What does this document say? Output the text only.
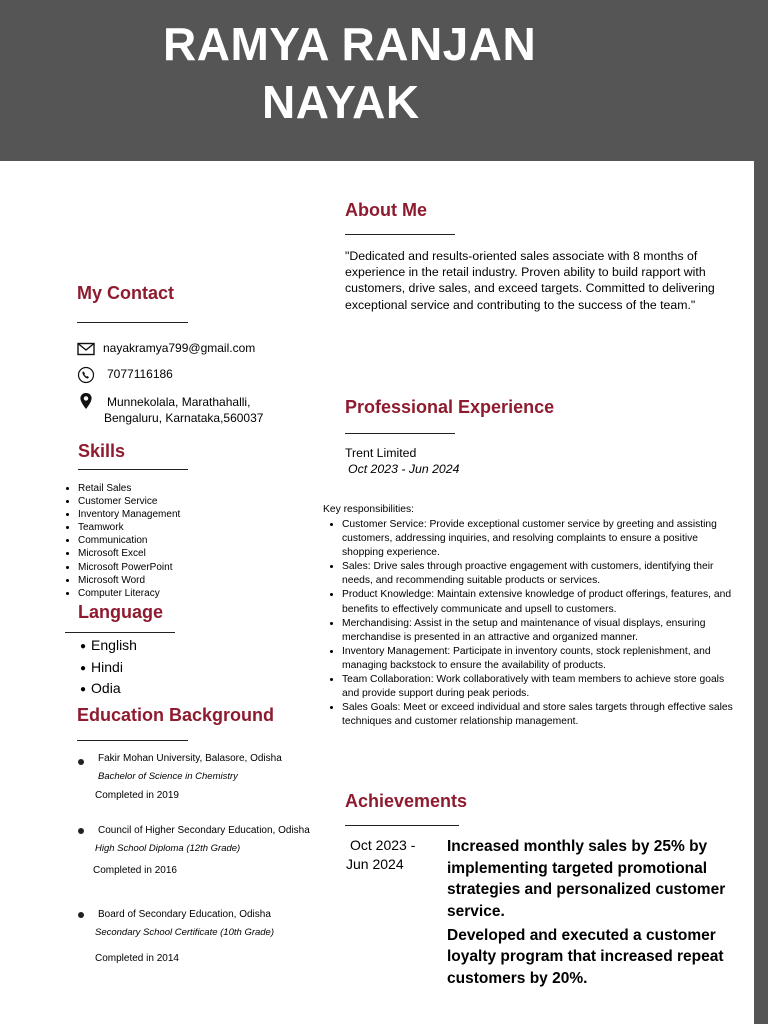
RAMYA RANJAN
NAYAK
My Contact
nayakramya799@gmail.com
7077116186
Munnekolala, Marathahalli,
Bengaluru, Karnataka,560037
Skills
• Retail Sales
• Customer Service
• Inventory Management
• Teamwork
• Communication
• Microsoft Excel
• Microsoft PowerPoint
• Microsoft Word
• Computer Literacy
Language
● English
● Hindi
● Odia
Education Background
Fakir Mohan University, Balasore, Odisha
Bachelor of Science in Chemistry
Completed in 2019
Council of Higher Secondary Education, Odisha
High School Diploma (12th Grade)
Completed in 2016
Board of Secondary Education, Odisha
Secondary School Certificate (10th Grade)
Completed in 2014
About Me
"Dedicated and results-oriented sales associate with 8 months of experience in the retail industry. Proven ability to build rapport with customers, drive sales, and exceed targets. Committed to delivering exceptional service and contributing to the success of the team."
Professional Experience
Trent Limited
Oct 2023 - Jun 2024
Key responsibilities:
• Customer Service: Provide exceptional customer service by greeting and assisting customers, addressing inquiries, and resolving complaints to ensure a positive shopping experience.
• Sales: Drive sales through proactive engagement with customers, identifying their needs, and recommending suitable products or services.
• Product Knowledge: Maintain extensive knowledge of product offerings, features, and benefits to effectively communicate and upsell to customers.
• Merchandising: Assist in the setup and maintenance of visual displays, ensuring merchandise is presented in an attractive and organized manner.
• Inventory Management: Participate in inventory counts, stock replenishment, and managing backstock to ensure the availability of products.
• Team Collaboration: Work collaboratively with team members to achieve store goals and provide support during peak periods.
• Sales Goals: Meet or exceed individual and store sales targets through effective sales techniques and customer relationship management.
Achievements
Oct 2023 -
Jun 2024

Increased monthly sales by 25% by implementing targeted promotional strategies and personalized customer service.

Developed and executed a customer loyalty program that increased repeat customers by 20%.
